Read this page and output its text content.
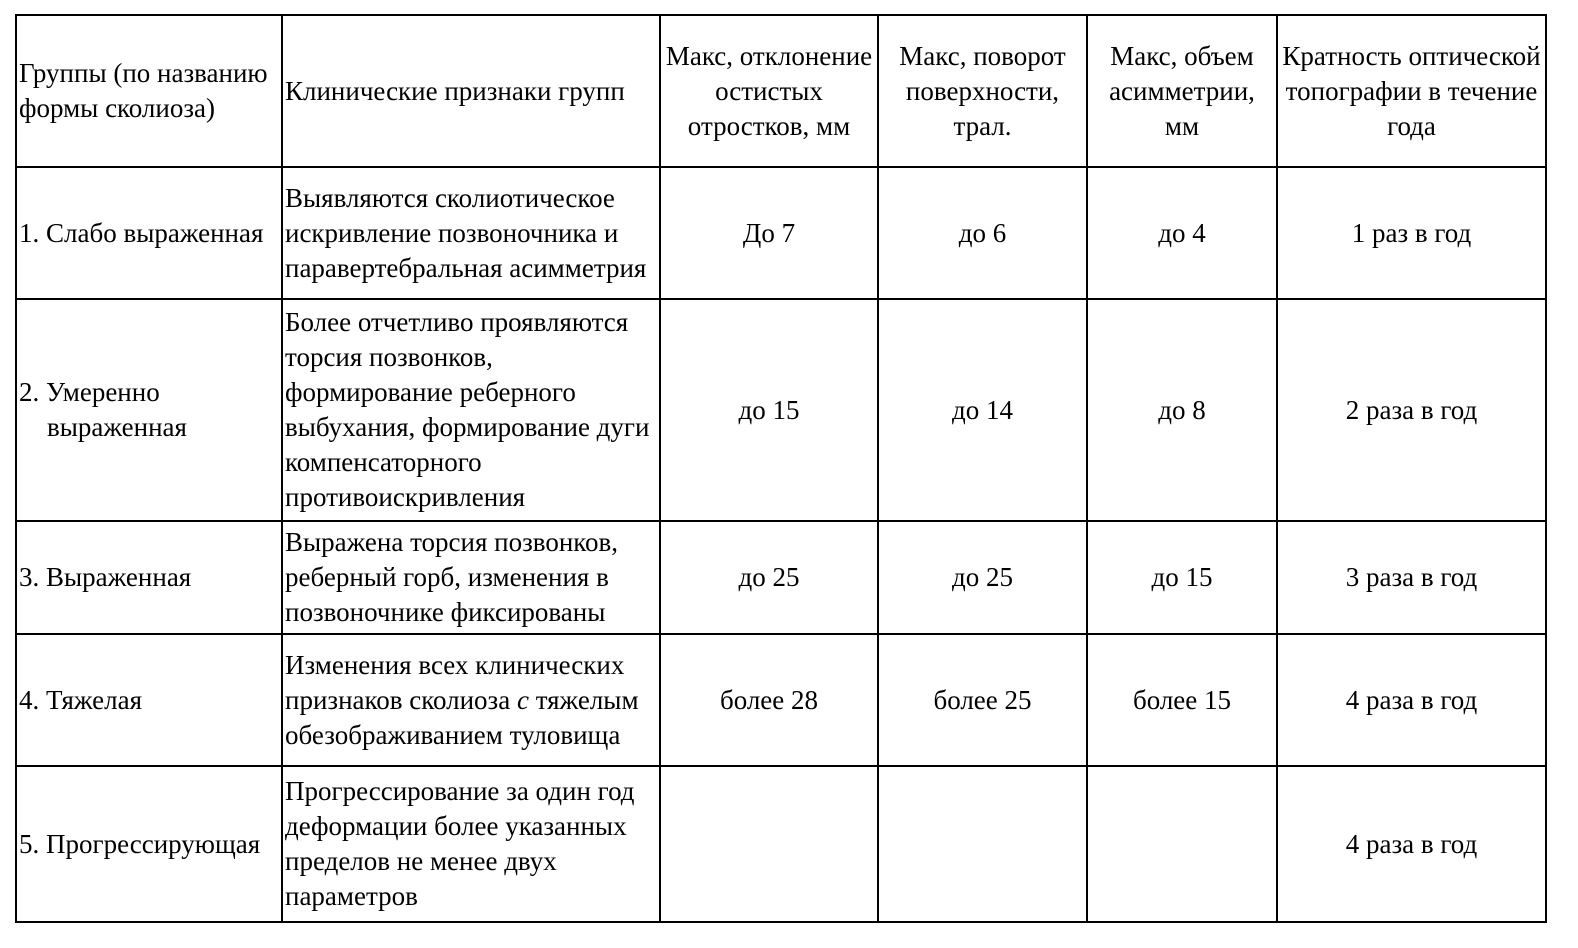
Группы (по названию формы сколиоза)	Клинические признаки групп	Макс, отклонение остистых отростков, мм	Макс, поворот поверхности, трал.	Макс, объем асимметрии, мм	Кратность оптической топографии в течение года
1. Слабо выраженная	Выявляются сколиотическое искривление позвоночника и паравертебральная асимметрия	До 7	до 6	до 4	1 раз в год

2. Умеренно выраженная	Более отчетливо проявляются торсия позвонков, формирование реберного выбухания, формирование дуги компенсаторного противоискривления	до 15	до 14	до 8	2 раза в год
3. Выраженная	Выражена торсия позвонков, реберный горб, изменения в позвоночнике фиксированы	до 25	до 25	до 15	3 раза в год
4. Тяжелая	Изменения всех клинических признаков сколиоза с тяжелым обезображиванием туловища	более 28	более 25	более 15	4 раза в год
5. Прогрессирующая	Прогрессирование за один год деформации более указанных пределов не менее двух параметров				4 раза в год
